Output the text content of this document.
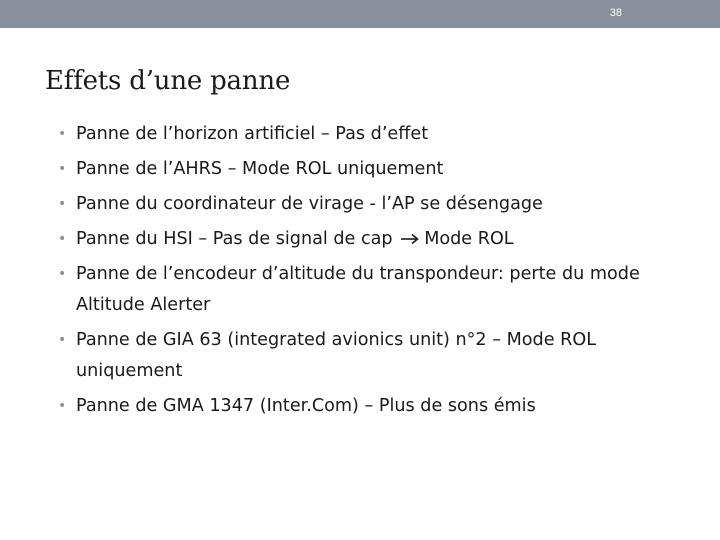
38
Effets d’une panne
• Panne de l’horizon artificiel – Pas d’effet
• Panne de l’AHRS – Mode ROL uniquement
• Panne du coordinateur de virage - l’AP se désengage
• Panne du HSI – Pas de signal de cap Mode ROL
• Panne de l’encodeur d’altitude du transpondeur: perte du mode Altitude Alerter
• Panne de GIA 63 (integrated avionics unit) n°2 – Mode ROL uniquement
• Panne de GMA 1347 (Inter.Com) – Plus de sons émis
